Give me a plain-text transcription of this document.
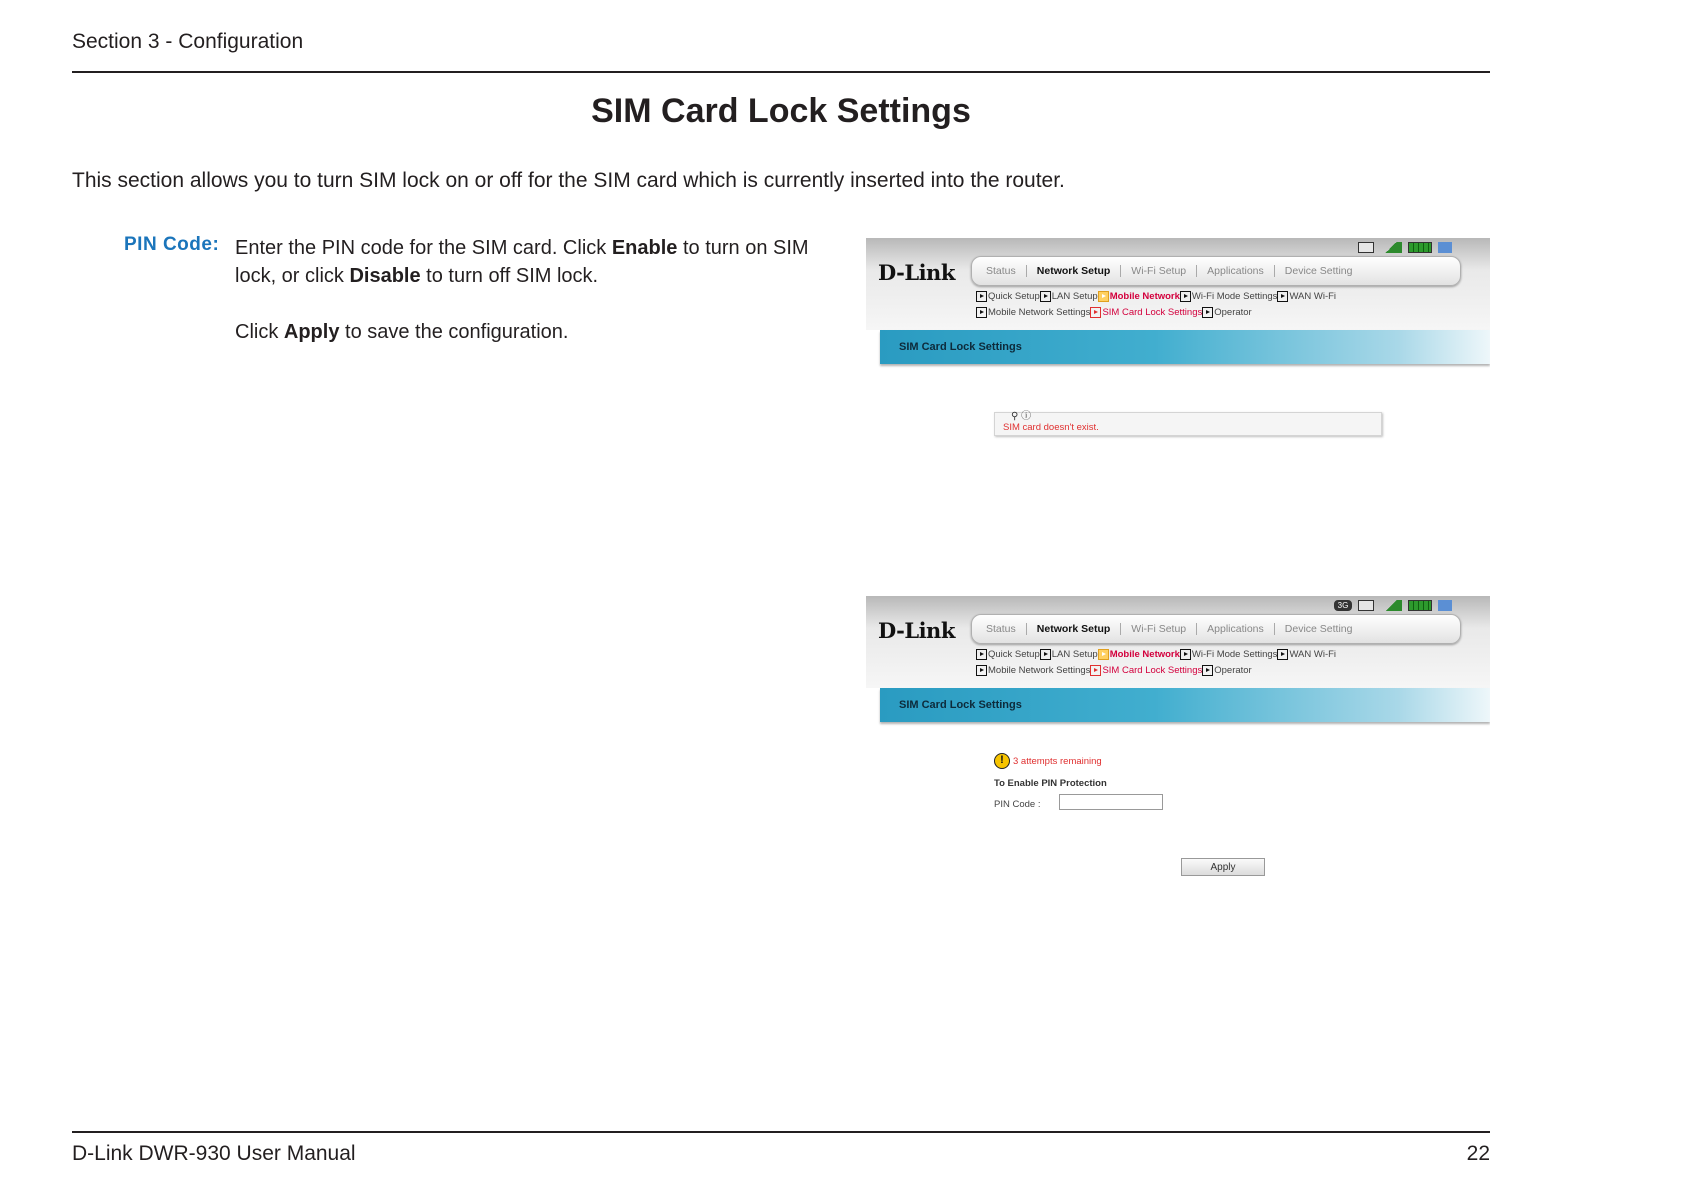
Section 3 - Configuration
SIM Card Lock Settings

This section allows you to turn SIM lock on or off for the SIM card which is currently inserted into the router.

PIN Code: Enter the PIN code for the SIM card. Click Enable to turn on SIM lock, or click Disable to turn off SIM lock.

Click Apply to save the configuration.

D-Link	Status	Network Setup	Wi-Fi Setup	Applications	Device Setting
Quick Setup LAN Setup Mobile Network Wi-Fi Mode Settings WAN Wi-Fi
Mobile Network Settings SIM Card Lock Settings Operator
SIM Card Lock Settings
⚲ ⓘ
SIM card doesn't exist.
3G
D-Link	Status	Network Setup	Wi-Fi Setup	Applications	Device Setting
Quick Setup LAN Setup Mobile Network Wi-Fi Mode Settings WAN Wi-Fi
Mobile Network Settings SIM Card Lock Settings Operator
SIM Card Lock Settings
! 3 attempts remaining
To Enable PIN Protection
PIN Code :
Apply
D-Link DWR-930 User Manual	22
